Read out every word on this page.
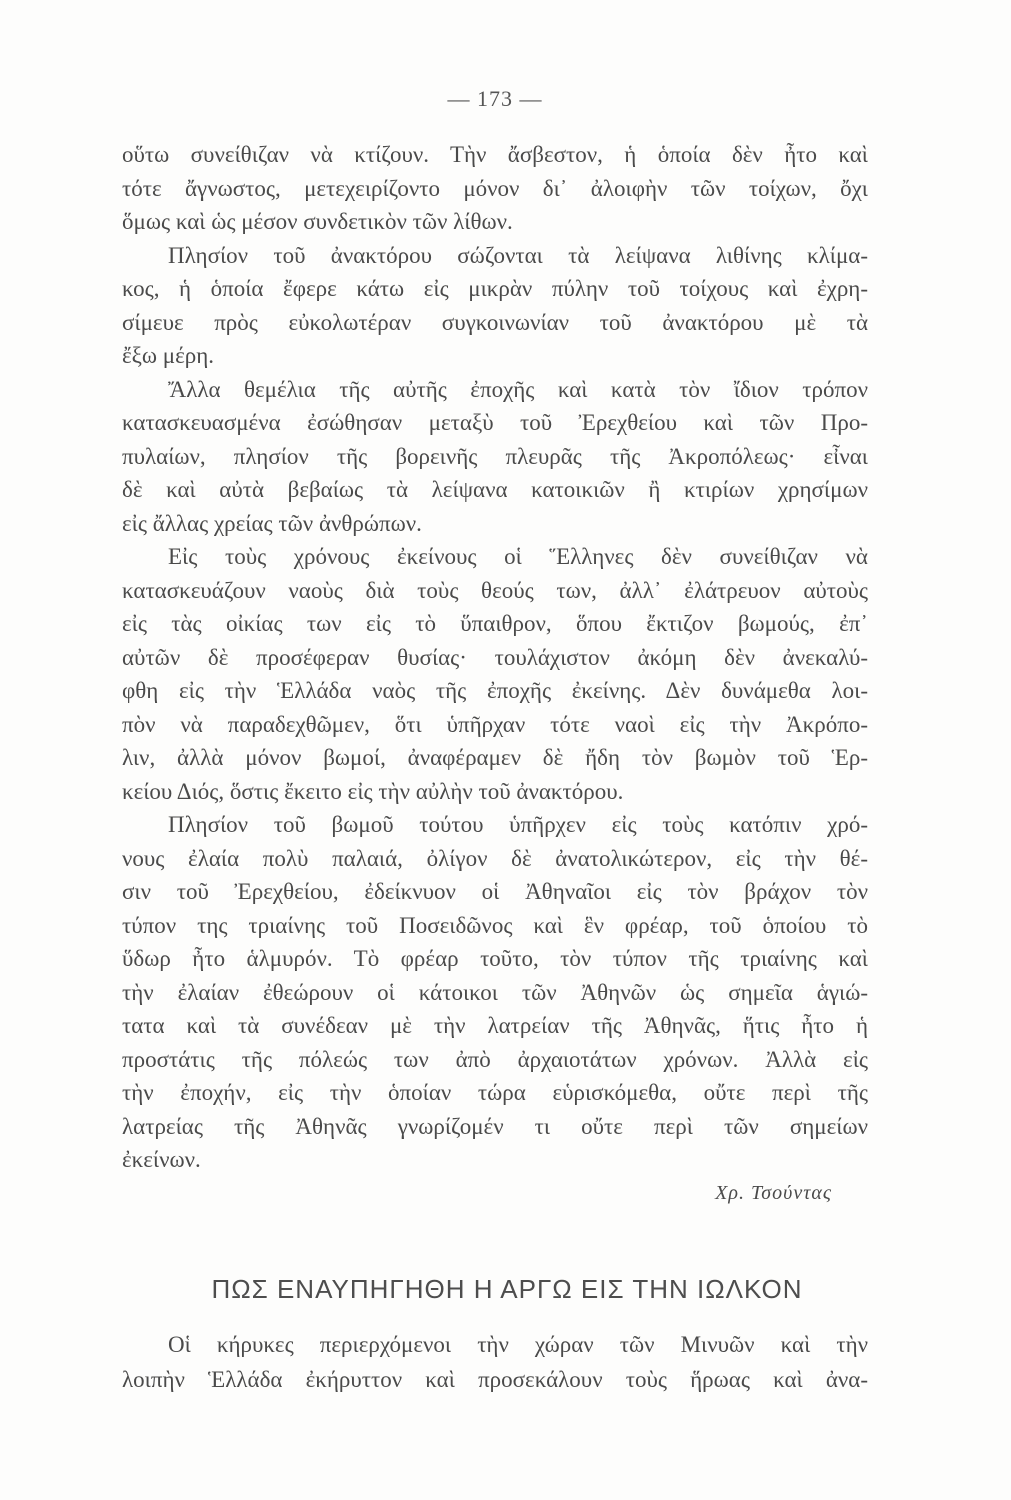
— 173 —
οὕτω συνείθιζαν νὰ κτίζουν. Τὴν ἄσβεστον, ἡ ὁποία δὲν ἦτο καὶ
τότε ἄγνωστος, μετεχειρίζοντο μόνον δι᾿ ἀλοιφὴν τῶν τοίχων, ὄχι
ὅμως καὶ ὡς μέσον συνδετικὸν τῶν λίθων.
Πλησίον τοῦ ἀνακτόρου σώζονται τὰ λείψανα λιθίνης κλίμα-
κος, ἡ ὁποία ἔφερε κάτω εἰς μικρὰν πύλην τοῦ τοίχους καὶ ἐχρη-
σίμευε πρὸς εὐκολωτέραν συγκοινωνίαν τοῦ ἀνακτόρου μὲ τὰ
ἔξω μέρη.
Ἄλλα θεμέλια τῆς αὐτῆς ἐποχῆς καὶ κατὰ τὸν ἴδιον τρόπον
κατασκευασμένα ἐσώθησαν μεταξὺ τοῦ Ἐρεχθείου καὶ τῶν Προ-
πυλαίων, πλησίον τῆς βορεινῆς πλευρᾶς τῆς Ἀκροπόλεως· εἶναι
δὲ καὶ αὐτὰ βεβαίως τὰ λείψανα κατοικιῶν ἢ κτιρίων χρησίμων
εἰς ἄλλας χρείας τῶν ἀνθρώπων.
Εἰς τοὺς χρόνους ἐκείνους οἱ Ἕλληνες δὲν συνείθιζαν νὰ
κατασκευάζουν ναοὺς διὰ τοὺς θεούς των, ἀλλ᾿ ἐλάτρευον αὐτοὺς
εἰς τὰς οἰκίας των εἰς τὸ ὕπαιθρον, ὅπου ἔκτιζον βωμούς, ἐπ᾿
αὐτῶν δὲ προσέφεραν θυσίας· τουλάχιστον ἀκόμη δὲν ἀνεκαλύ-
φθη εἰς τὴν Ἑλλάδα ναὸς τῆς ἐποχῆς ἐκείνης. Δὲν δυνάμεθα λοι-
πὸν νὰ παραδεχθῶμεν, ὅτι ὑπῆρχαν τότε ναοὶ εἰς τὴν Ἀκρόπο-
λιν, ἀλλὰ μόνον βωμοί, ἀναφέραμεν δὲ ἤδη τὸν βωμὸν τοῦ Ἑρ-
κείου Διός, ὅστις ἔκειτο εἰς τὴν αὐλὴν τοῦ ἀνακτόρου.
Πλησίον τοῦ βωμοῦ τούτου ὑπῆρχεν εἰς τοὺς κατόπιν χρό-
νους ἐλαία πολὺ παλαιά, ὀλίγον δὲ ἀνατολικώτερον, εἰς τὴν θέ-
σιν τοῦ Ἐρεχθείου, ἐδείκνυον οἱ Ἀθηναῖοι εἰς τὸν βράχον τὸν
τύπον της τριαίνης τοῦ Ποσειδῶνος καὶ ἓν φρέαρ, τοῦ ὁποίου τὸ
ὕδωρ ἦτο ἁλμυρόν. Τὸ φρέαρ τοῦτο, τὸν τύπον τῆς τριαίνης καὶ
τὴν ἐλαίαν ἐθεώρουν οἱ κάτοικοι τῶν Ἀθηνῶν ὡς σημεῖα ἁγιώ-
τατα καὶ τὰ συνέδεαν μὲ τὴν λατρείαν τῆς Ἀθηνᾶς, ἥτις ἦτο ἡ
προστάτις τῆς πόλεώς των ἀπὸ ἀρχαιοτάτων χρόνων. Ἀλλὰ εἰς
τὴν ἐποχήν, εἰς τὴν ὁποίαν τώρα εὑρισκόμεθα, οὔτε περὶ τῆς
λατρείας τῆς Ἀθηνᾶς γνωρίζομέν τι οὔτε περὶ τῶν σημείων
ἐκείνων.
Χρ. Τσούντας
ΠΩΣ ΕΝΑΥΠΗΓΗΘΗ Η ΑΡΓΩ ΕΙΣ ΤΗΝ ΙΩΛΚΟΝ
Οἱ κήρυκες περιερχόμενοι τὴν χώραν τῶν Μινυῶν καὶ τὴν
λοιπὴν Ἑλλάδα ἐκήρυττον καὶ προσεκάλουν τοὺς ἥρωας καὶ ἀνα-
